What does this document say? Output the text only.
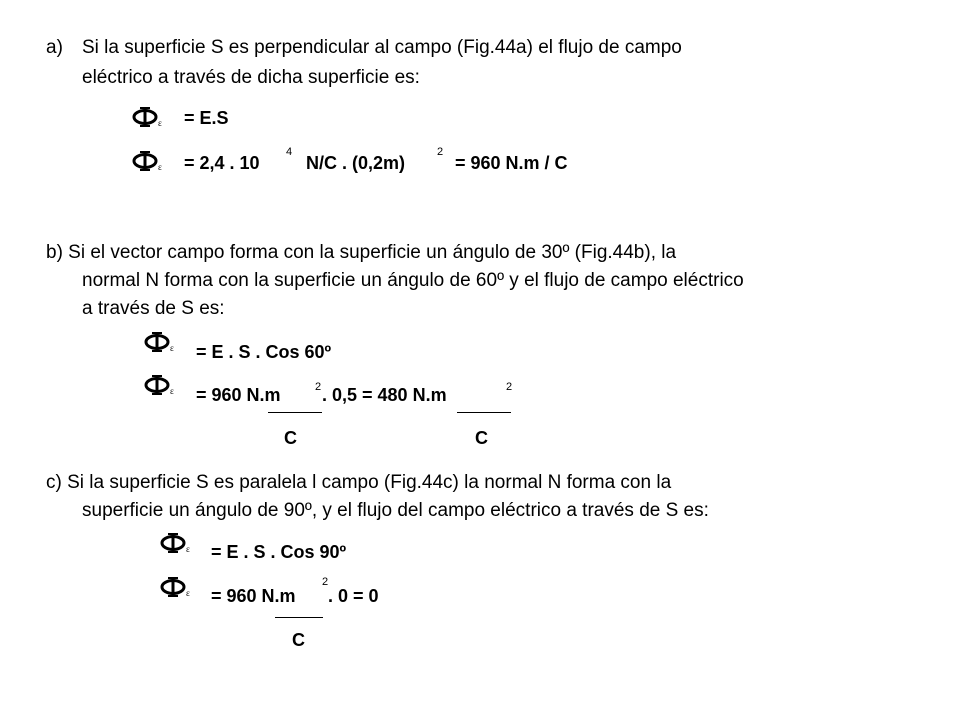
a) Si la superficie S es perpendicular al campo (Fig.44a) el flujo de campo
eléctrico a través de dicha superficie es:
ε = E.S
ε = 2,4 . 10
4
N/C . (0,2m)
2
= 960 N.m / C
b) Si el vector campo forma con la superficie un ángulo de 30º (Fig.44b), la
normal N forma con la superficie un ángulo de 60º y el flujo de campo eléctrico
a través de S es:
ε = E . S . Cos 60º
ε = 960 N.m	2 . 0,5 = 480 N.m	2
C	C
c) Si la superficie S es paralela l campo (Fig.44c) la normal N forma con la
superficie un ángulo de 90º, y el flujo del campo eléctrico a través de S es:
ε = E . S . Cos 90º
ε = 960 N.m
2
. 0 = 0
C
